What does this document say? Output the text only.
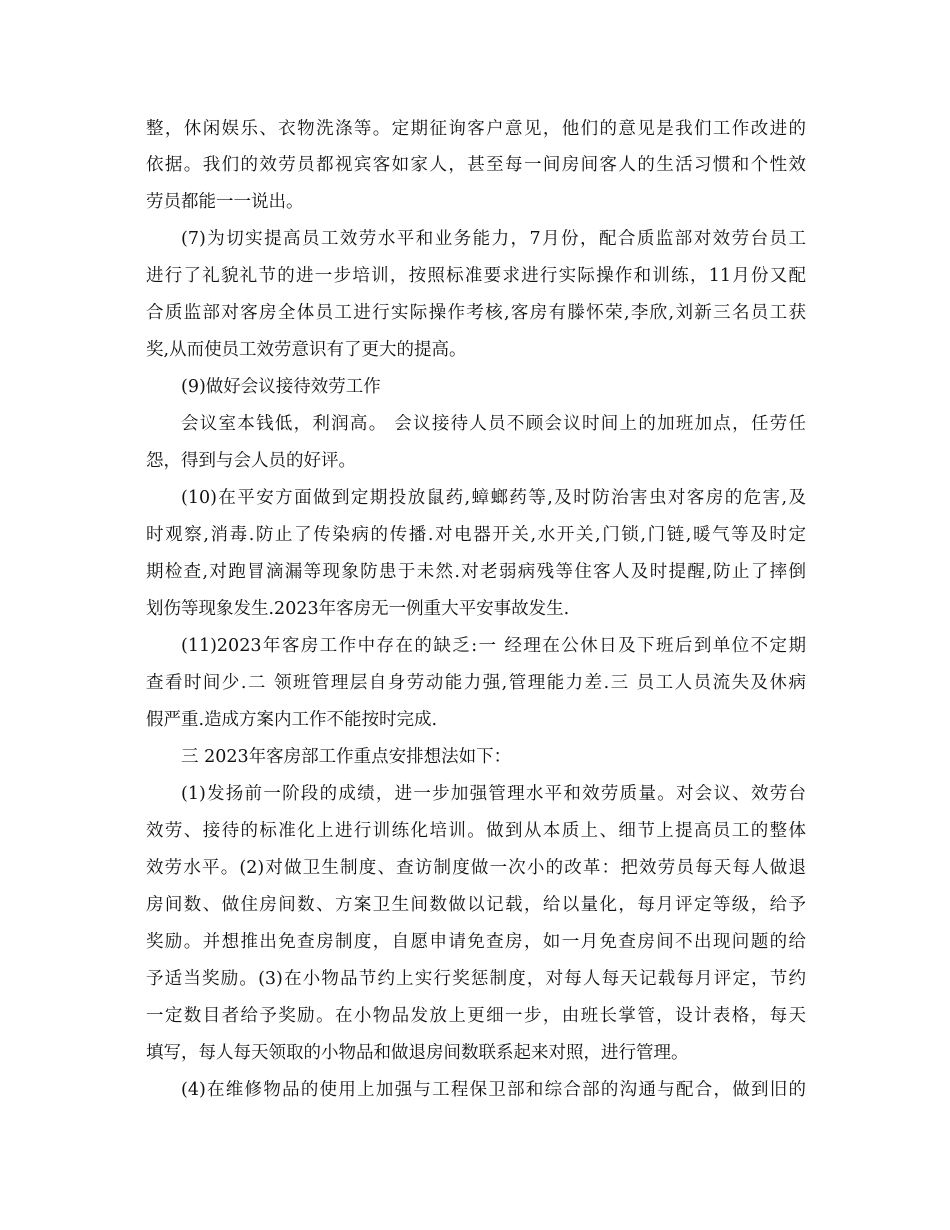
整，休闲娱乐、衣物洗涤等。定期征询客户意见，他们的意见是我们工作改进的
依据。我们的效劳员都视宾客如家人，甚至每一间房间客人的生活习惯和个性效
劳员都能一一说出。
(7)为切实提高员工效劳水平和业务能力，7月份，配合质监部对效劳台员工
进行了礼貌礼节的进一步培训，按照标准要求进行实际操作和训练，11月份又配
合质监部对客房全体员工进行实际操作考核,客房有滕怀荣,李欣,刘新三名员工获
奖,从而使员工效劳意识有了更大的提高。
(9)做好会议接待效劳工作
会议室本钱低，利润高。 会议接待人员不顾会议时间上的加班加点，任劳任
怨，得到与会人员的好评。
(10)在平安方面做到定期投放鼠药,蟑螂药等,及时防治害虫对客房的危害,及
时观察,消毒.防止了传染病的传播.对电器开关,水开关,门锁,门链,暖气等及时定
期检查,对跑冒滴漏等现象防患于未然.对老弱病残等住客人及时提醒,防止了摔倒
划伤等现象发生.2023年客房无一例重大平安事故发生.
(11)2023年客房工作中存在的缺乏:一 经理在公休日及下班后到单位不定期
查看时间少.二 领班管理层自身劳动能力强,管理能力差.三 员工人员流失及休病
假严重.造成方案内工作不能按时完成.
三 2023年客房部工作重点安排想法如下：
(1)发扬前一阶段的成绩，进一步加强管理水平和效劳质量。对会议、效劳台
效劳、接待的标准化上进行训练化培训。做到从本质上、细节上提高员工的整体
效劳水平。(2)对做卫生制度、查访制度做一次小的改革：把效劳员每天每人做退
房间数、做住房间数、方案卫生间数做以记载，给以量化，每月评定等级，给予
奖励。并想推出免查房制度，自愿申请免查房，如一月免查房间不出现问题的给
予适当奖励。(3)在小物品节约上实行奖惩制度，对每人每天记载每月评定，节约
一定数目者给予奖励。在小物品发放上更细一步，由班长掌管，设计表格，每天
填写，每人每天领取的小物品和做退房间数联系起来对照，进行管理。
(4)在维修物品的使用上加强与工程保卫部和综合部的沟通与配合，做到旧的
